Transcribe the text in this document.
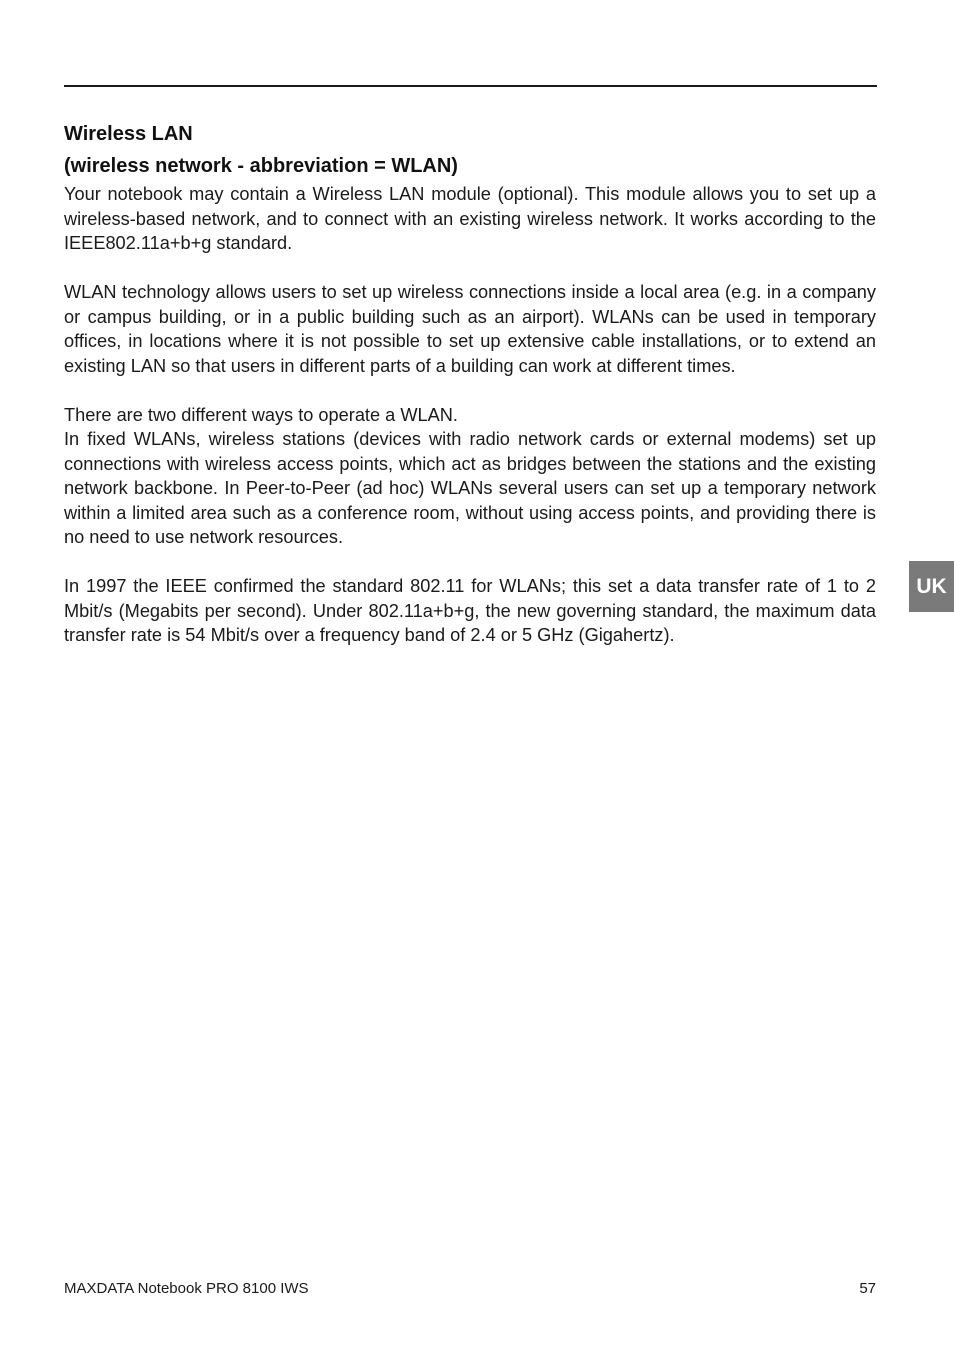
Wireless LAN
(wireless network - abbreviation = WLAN)

Your notebook may contain a Wireless LAN module (optional). This module allows you to set up a wireless-based network, and to connect with an existing wireless network. It works according to the IEEE802.11a+b+g standard.

WLAN technology allows users to set up wireless connections inside a local area (e.g. in a company or campus building, or in a public building such as an airport). WLANs can be used in temporary offices, in locations where it is not possible to set up extensive cable installations, or to extend an existing LAN so that users in different parts of a building can work at different times.

There are two different ways to operate a WLAN.

In fixed WLANs, wireless stations (devices with radio network cards or external modems) set up connections with wireless access points, which act as bridges between the stations and the existing network backbone. In Peer-to-Peer (ad hoc) WLANs several users can set up a temporary network within a limited area such as a conference room, without using access points, and providing there is no need to use network resources.

In 1997 the IEEE confirmed the standard 802.11 for WLANs; this set a data transfer rate of 1 to 2 Mbit/s (Megabits per second). Under 802.11a+b+g, the new governing standard, the maximum data transfer rate is 54 Mbit/s over a frequency band of 2.4 or 5 GHz (Gigahertz).

UK
MAXDATA Notebook PRO 8100 IWS	57
